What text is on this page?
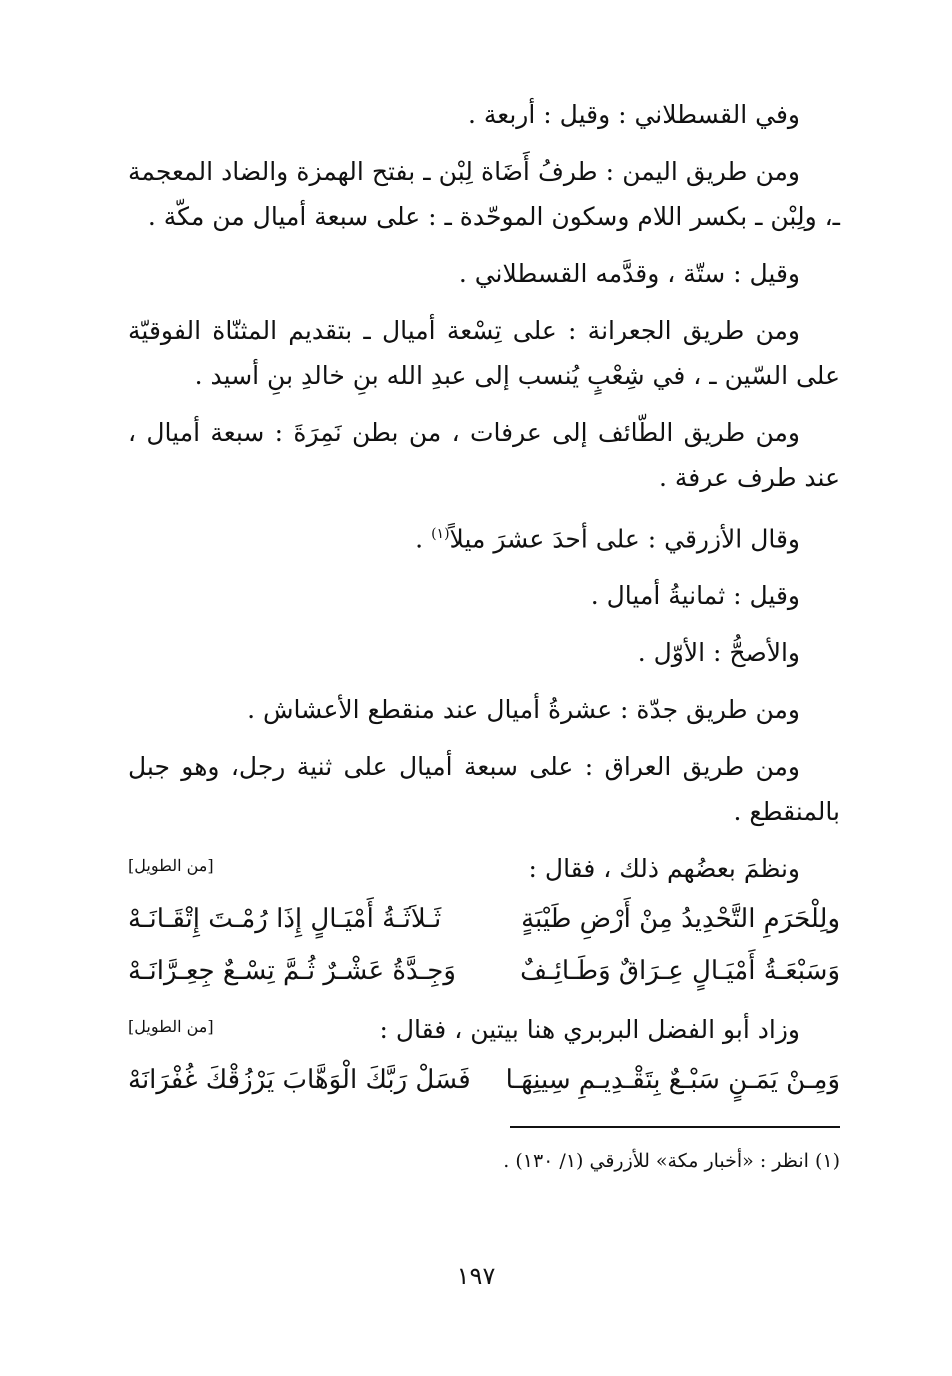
وفي القسطلاني : وقيل : أربعة .

ومن طريق اليمن : طرفُ أَضَاة لِبْن ـ بفتح الهمزة والضاد المعجمة ـ، ولِبْن ـ بكسر اللام وسكون الموحّدة ـ : على سبعة أميال من مكّة .

وقيل : ستّة ، وقدَّمه القسطلاني .

ومن طريق الجعرانة : على تِسْعة أميال ـ بتقديم المثنّاة الفوقيّة على السّين ـ ، في شِعْبٍ يُنسب إلى عبدِ الله بنِ خالدِ بنِ أسيد .

ومن طريق الطّائف إلى عرفات ، من بطن نَمِرَةَ : سبعة أميال ، عند طرف عرفة .

وقال الأزرقي : على أحدَ عشرَ ميلاً$^{(١)}$ .

وقيل : ثمانيةُ أميال .

والأصحُّ : الأوّل .

ومن طريق جدّة : عشرةُ أميال عند منقطع الأعشاش .

ومن طريق العراق : على سبعة أميال على ثنية رجل، وهو جبل بالمنقطع .

ونظمَ بعضُهم ذلك ، فقال :
[من الطويل]
ولِلْحَرَمِ التَّحْدِيدُ مِنْ أَرْضِ طَيْبَةٍ
ثَـلاَثَـةُ أَمْيَـالٍ إِذَا رُمْـتَ إِتْقَـانَـهْ
وَسَبْعَـةُ أَمْيَـالٍ عِـرَاقٌ وَطَـائِـفٌ
وَجِـدَّةُ عَشْـرٌ ثُـمَّ تِسْـعٌ جِعِـرَّانَـهْ
وزاد أبو الفضل البربري هنا بيتين ، فقال :
[من الطويل]
وَمِـنْ يَمَـنٍ سَبْـعٌ بِتَقْـدِيـمِ سِينِهَـا
فَسَلْ رَبَّكَ الْوَهَّابَ يَرْزُقْكَ غُفْرَانَهْ
(١) انظر : «أخبار مكة» للأزرقي (١/ ١٣٠) .
١٩٧
